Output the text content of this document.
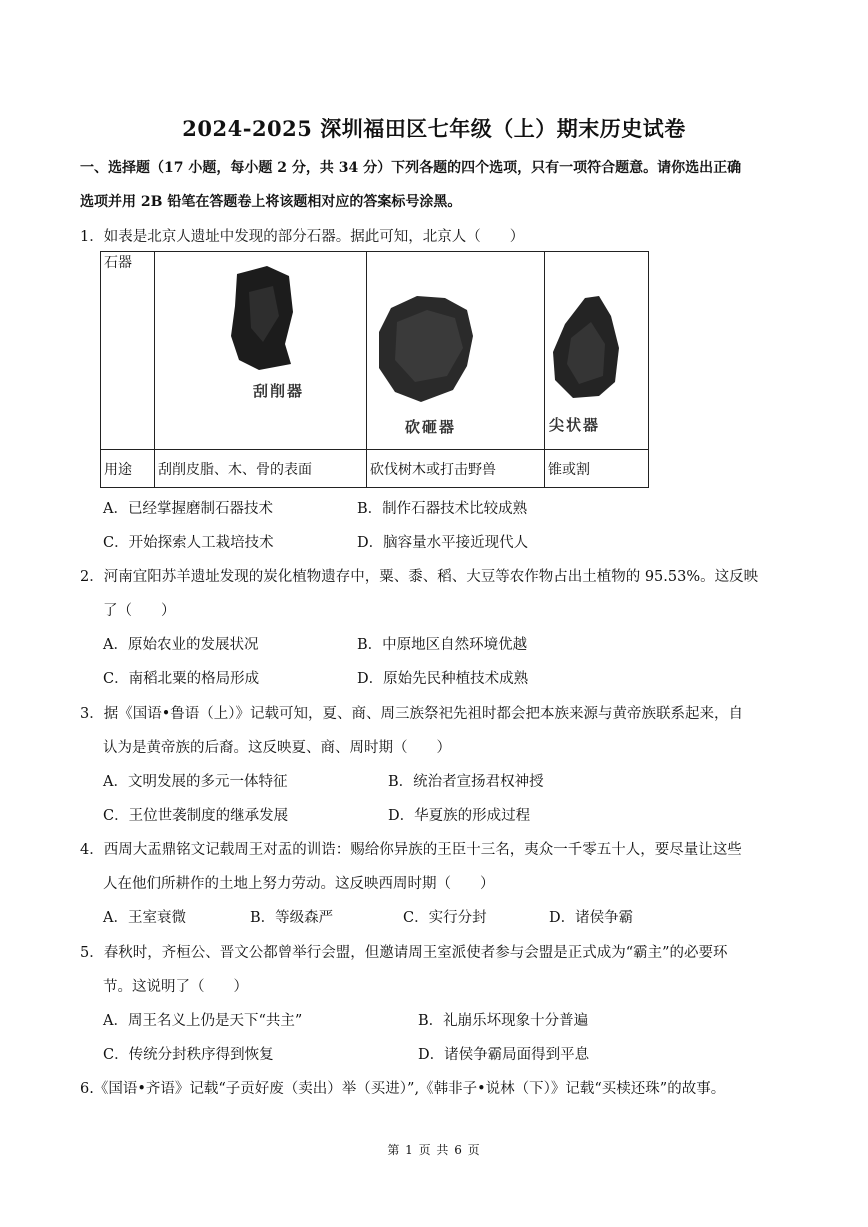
2024-2025 深圳福田区七年级（上）期末历史试卷
一、选择题（17 小题，每小题 2 分，共 34 分）下列各题的四个选项，只有一项符合题意。请你选出正确
选项并用 2B 铅笔在答题卷上将该题相对应的答案标号涂黑。
1．如表是北京人遗址中发现的部分石器。据此可知，北京人（　　）
石器	刮削器	砍砸器	尖状器

用途	刮削皮脂、木、骨的表面	砍伐树木或打击野兽	锥或割
A．已经掌握磨制石器技术	B．制作石器技术比较成熟
C．开始探索人工栽培技术	D．脑容量水平接近现代人
2．河南宜阳苏羊遗址发现的炭化植物遗存中，粟、黍、稻、大豆等农作物占出土植物的 95.53%。这反映
了（　　）
A．原始农业的发展状况	B．中原地区自然环境优越
C．南稻北粟的格局形成	D．原始先民种植技术成熟
3．据《国语•鲁语（上）》记载可知，夏、商、周三族祭祀先祖时都会把本族来源与黄帝族联系起来，自
认为是黄帝族的后裔。这反映夏、商、周时期（　　）
A．文明发展的多元一体特征	B．统治者宣扬君权神授
C．王位世袭制度的继承发展	D．华夏族的形成过程
4．西周大盂鼎铭文记载周王对盂的训诰：赐给你异族的王臣十三名，夷众一千零五十人，要尽量让这些
人在他们所耕作的土地上努力劳动。这反映西周时期（　　）
A．王室衰微	B．等级森严	C．实行分封	D．诸侯争霸
5．春秋时，齐桓公、晋文公都曾举行会盟，但邀请周王室派使者参与会盟是正式成为“霸主”的必要环
节。这说明了（　　）
A．周王名义上仍是天下“共主”	B．礼崩乐坏现象十分普遍
C．传统分封秩序得到恢复	D．诸侯争霸局面得到平息
6.《国语•齐语》记载“子贡好废（卖出）举（买进）”,《韩非子•说林（下）》记载“买椟还珠”的故事。
第 1 页 共 6 页
